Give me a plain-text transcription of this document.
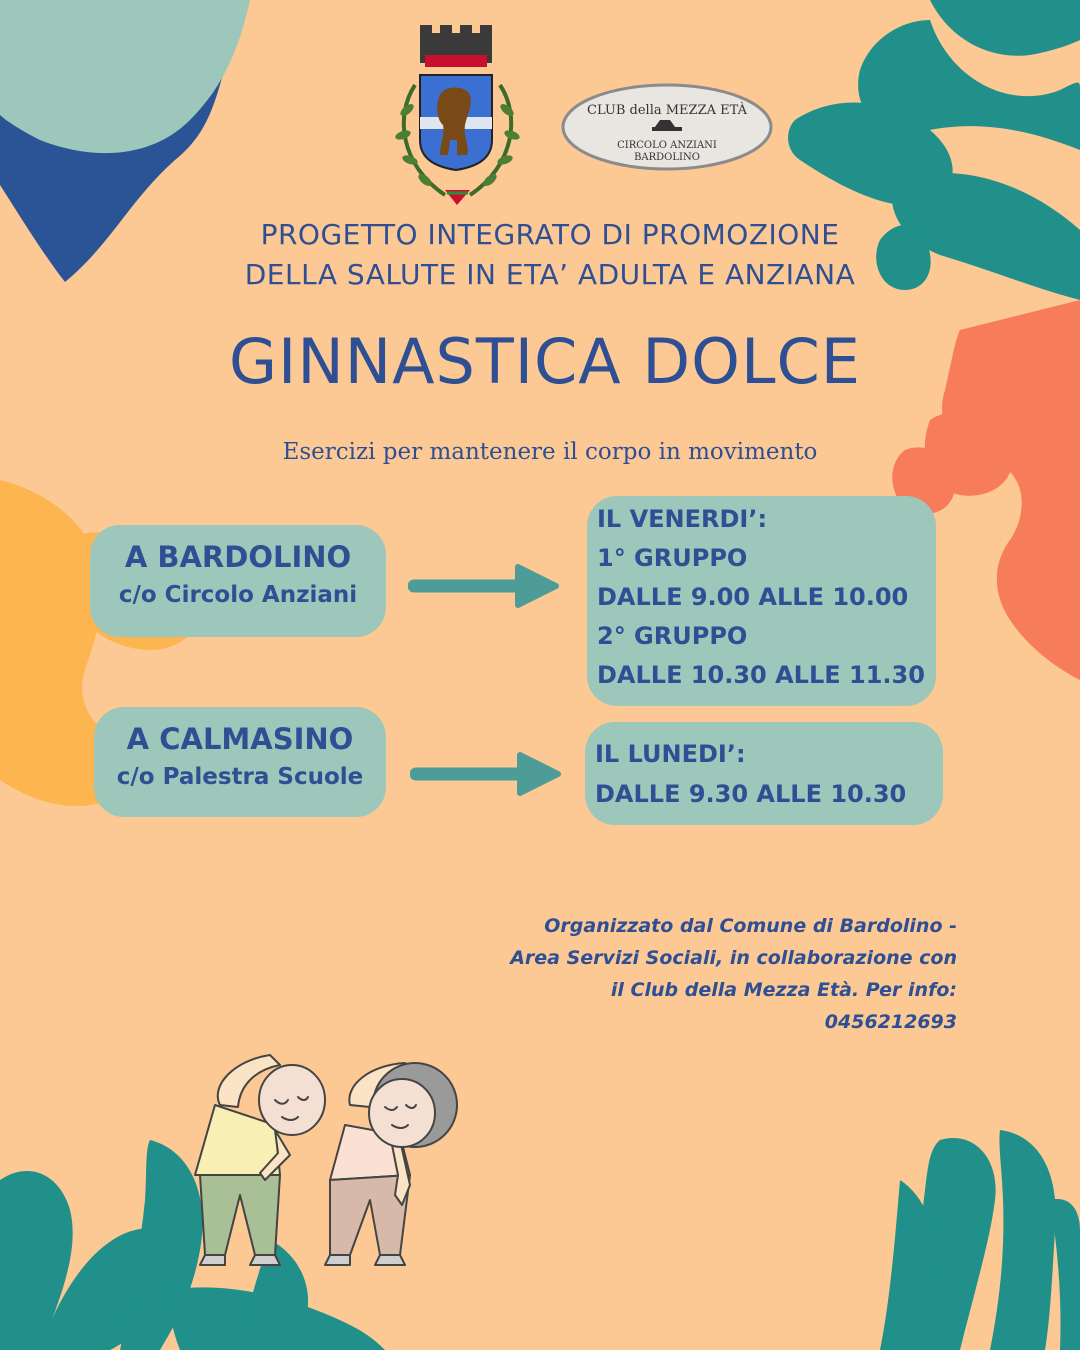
CLUB della MEZZA ETÀ
CIRCOLO ANZIANI
BARDOLINO
PROGETTO INTEGRATO DI PROMOZIONE
DELLA SALUTE IN ETA’ ADULTA E ANZIANA
GINNASTICA DOLCE
Esercizi per mantenere il corpo in movimento
A BARDOLINO
c/o Circolo Anziani
IL VENERDI’:
1° GRUPPO
DALLE 9.00 ALLE 10.00
2° GRUPPO
DALLE 10.30 ALLE 11.30
A CALMASINO
c/o Palestra Scuole
IL LUNEDI’:
DALLE 9.30 ALLE 10.30
Organizzato dal Comune di Bardolino -
Area Servizi Sociali, in collaborazione con
il Club della Mezza Età. Per info:
0456212693
